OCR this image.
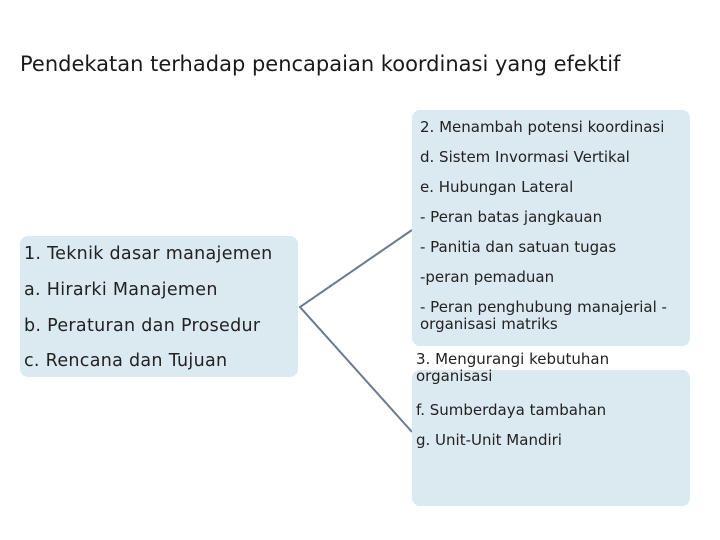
Pendekatan terhadap pencapaian koordinasi yang efektif
1. Teknik dasar manajemen
a. Hirarki Manajemen
b. Peraturan dan Prosedur
c. Rencana dan Tujuan
2. Menambah potensi koordinasi
d. Sistem Invormasi Vertikal
e. Hubungan Lateral
- Peran batas jangkauan
- Panitia dan satuan tugas
-peran pemaduan
- Peran penghubung manajerial -organisasi matriks
3. Mengurangi kebutuhan organisasi
f. Sumberdaya tambahan
g. Unit-Unit Mandiri
